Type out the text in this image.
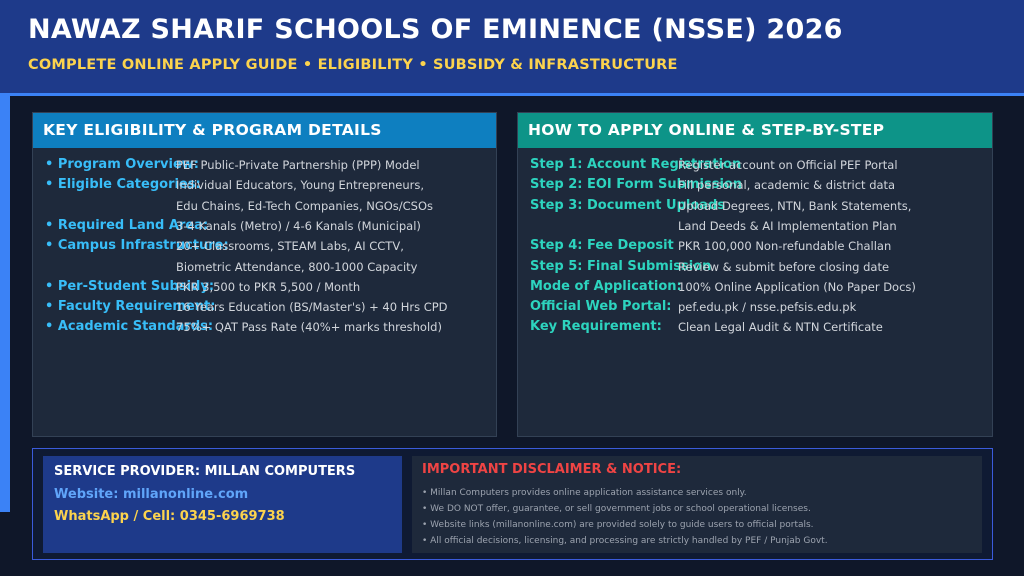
NAWAZ SHARIF SCHOOLS OF EMINENCE (NSSE) 2026
COMPLETE ONLINE APPLY GUIDE • ELIGIBILITY • SUBSIDY & INFRASTRUCTURE
KEY ELIGIBILITY & PROGRAM DETAILS
• Program Overview:
PEF Public-Private Partnership (PPP) Model
• Eligible Categories:
Individual Educators, Young Entrepreneurs,
Edu Chains, Ed-Tech Companies, NGOs/CSOs
• Required Land Area:
3-4 Kanals (Metro) / 4-6 Kanals (Municipal)
• Campus Infrastructure:
20+ Classrooms, STEAM Labs, AI CCTV,
Biometric Attendance, 800-1000 Capacity
• Per-Student Subsidy:
PKR 3,500 to PKR 5,500 / Month
• Faculty Requirement:
16 Years Education (BS/Master's) + 40 Hrs CPD
• Academic Standards:
75%+ QAT Pass Rate (40%+ marks threshold)
HOW TO APPLY ONLINE & STEP-BY-STEP
Step 1: Account Registration
Register account on Official PEF Portal
Step 2: EOI Form Submission
Fill personal, academic & district data
Step 3: Document Uploads
Upload Degrees, NTN, Bank Statements,
Land Deeds & AI Implementation Plan
Step 4: Fee Deposit PKR 100,000 Non-refundable Challan
Step 5: Final Submission
Review & submit before closing date
Mode of Application:
100% Online Application (No Paper Docs)
Official Web Portal: pef.edu.pk / nsse.pefsis.edu.pk
Key Requirement: Clean Legal Audit & NTN Certificate
SERVICE PROVIDER: MILLAN COMPUTERS
Website: millanonline.com
WhatsApp / Cell: 0345-6969738
IMPORTANT DISCLAIMER & NOTICE:
• Millan Computers provides online application assistance services only.
• We DO NOT offer, guarantee, or sell government jobs or school operational licenses.
• Website links (millanonline.com) are provided solely to guide users to official portals.
• All official decisions, licensing, and processing are strictly handled by PEF / Punjab Govt.
